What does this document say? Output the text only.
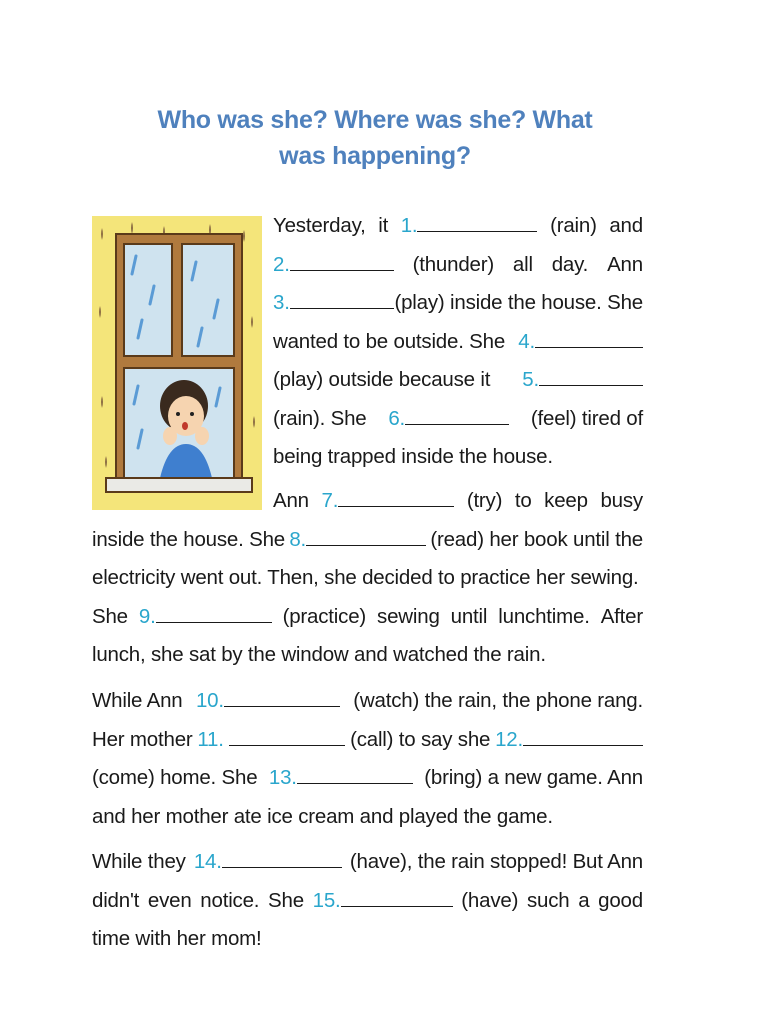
Who was she? Where was she? What was happening?
Yesterday, it 1.	(rain) and
2.	(thunder) all day. Ann
3.	(play) inside the house. She
wanted to be outside. She 4.
(play) outside because it 5.
(rain). She 6.	(feel) tired of
being trapped inside the house.
Ann 7.	(try) to keep busy
inside the house. She 8.	(read) her book until the
electricity went out. Then, she decided to practice her sewing.
She 9.	(practice) sewing until lunchtime. After
lunch, she sat by the window and watched the rain.
While Ann 10.	(watch) the rain, the phone rang.
Her mother 11.	(call) to say she 12.
(come) home. She 13.	(bring) a new game. Ann
and her mother ate ice cream and played the game.
While they 14.	(have), the rain stopped! But Ann
didn't even notice. She 15.	(have) such a good
time with her mom!
